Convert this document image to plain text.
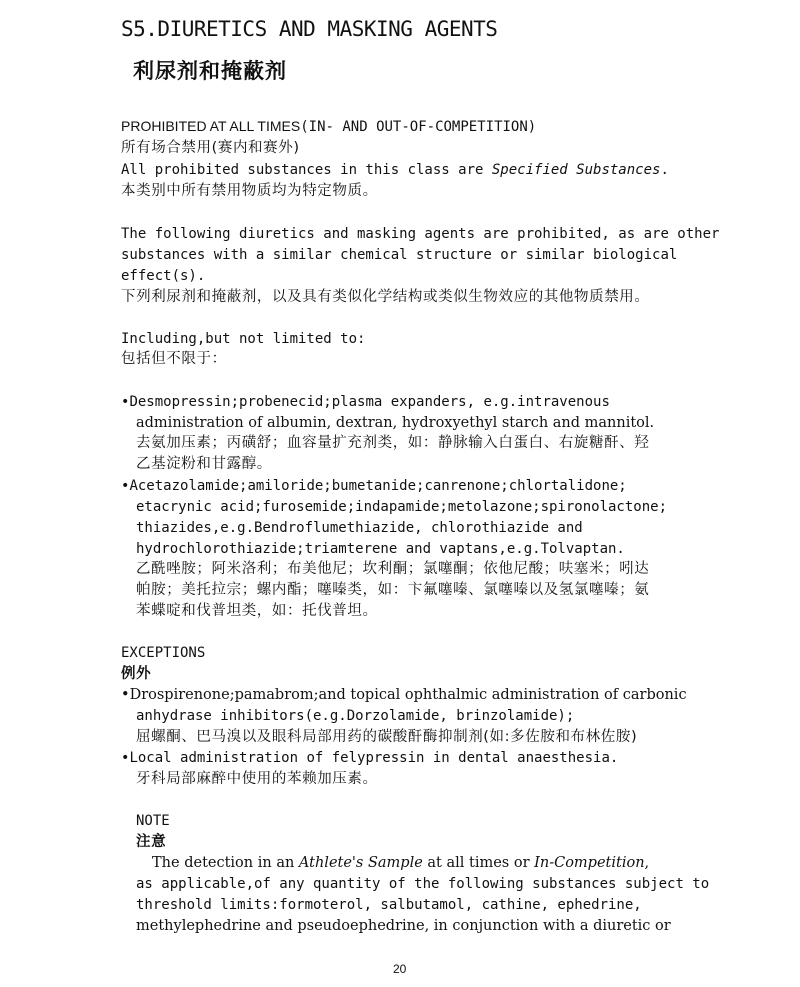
S5.DIURETICS AND MASKING AGENTS
利尿剂和掩蔽剂
PROHIBITED AT ALL TIMES(IN- AND OUT-OF-COMPETITION)
所有场合禁用(赛内和赛外)
All prohibited substances in this class are Specified Substances.
本类别中所有禁用物质均为特定物质。
The following diuretics and masking agents are prohibited, as are other
substances with a similar chemical structure or similar biological
effect(s).
下列利尿剂和掩蔽剂，以及具有类似化学结构或类似生物效应的其他物质禁用。
Including,but not limited to:
包括但不限于：
•Desmopressin;probenecid;plasma expanders, e.g.intravenous
administration of albumin, dextran, hydroxyethyl starch and mannitol.
去氨加压素；丙磺舒；血容量扩充剂类，如：静脉输入白蛋白、右旋糖酐、羟
乙基淀粉和甘露醇。
•Acetazolamide;amiloride;bumetanide;canrenone;chlortalidone;
etacrynic acid;furosemide;indapamide;metolazone;spironolactone;
thiazides,e.g.Bendroflumethiazide, chlorothiazide and
hydrochlorothiazide;triamterene and vaptans,e.g.Tolvaptan.
乙酰唑胺；阿米洛利；布美他尼；坎利酮；氯噻酮；依他尼酸；呋塞米；吲达
帕胺；美托拉宗；螺内酯；噻嗪类，如：卞氟噻嗪、氯噻嗪以及氢氯噻嗪；氨
苯蝶啶和伐普坦类，如：托伐普坦。
EXCEPTIONS
例外
•Drospirenone;pamabrom;and topical ophthalmic administration of carbonic
anhydrase inhibitors(e.g.Dorzolamide, brinzolamide);
屈螺酮、巴马溴以及眼科局部用药的碳酸酐酶抑制剂(如:多佐胺和布林佐胺)
•Local administration of felypressin in dental anaesthesia.
牙科局部麻醉中使用的苯赖加压素。
NOTE
注意
The detection in an Athlete's Sample at all times or In-Competition,
as applicable,of any quantity of the following substances subject to
threshold limits:formoterol, salbutamol, cathine, ephedrine,
methylephedrine and pseudoephedrine, in conjunction with a diuretic or
20
